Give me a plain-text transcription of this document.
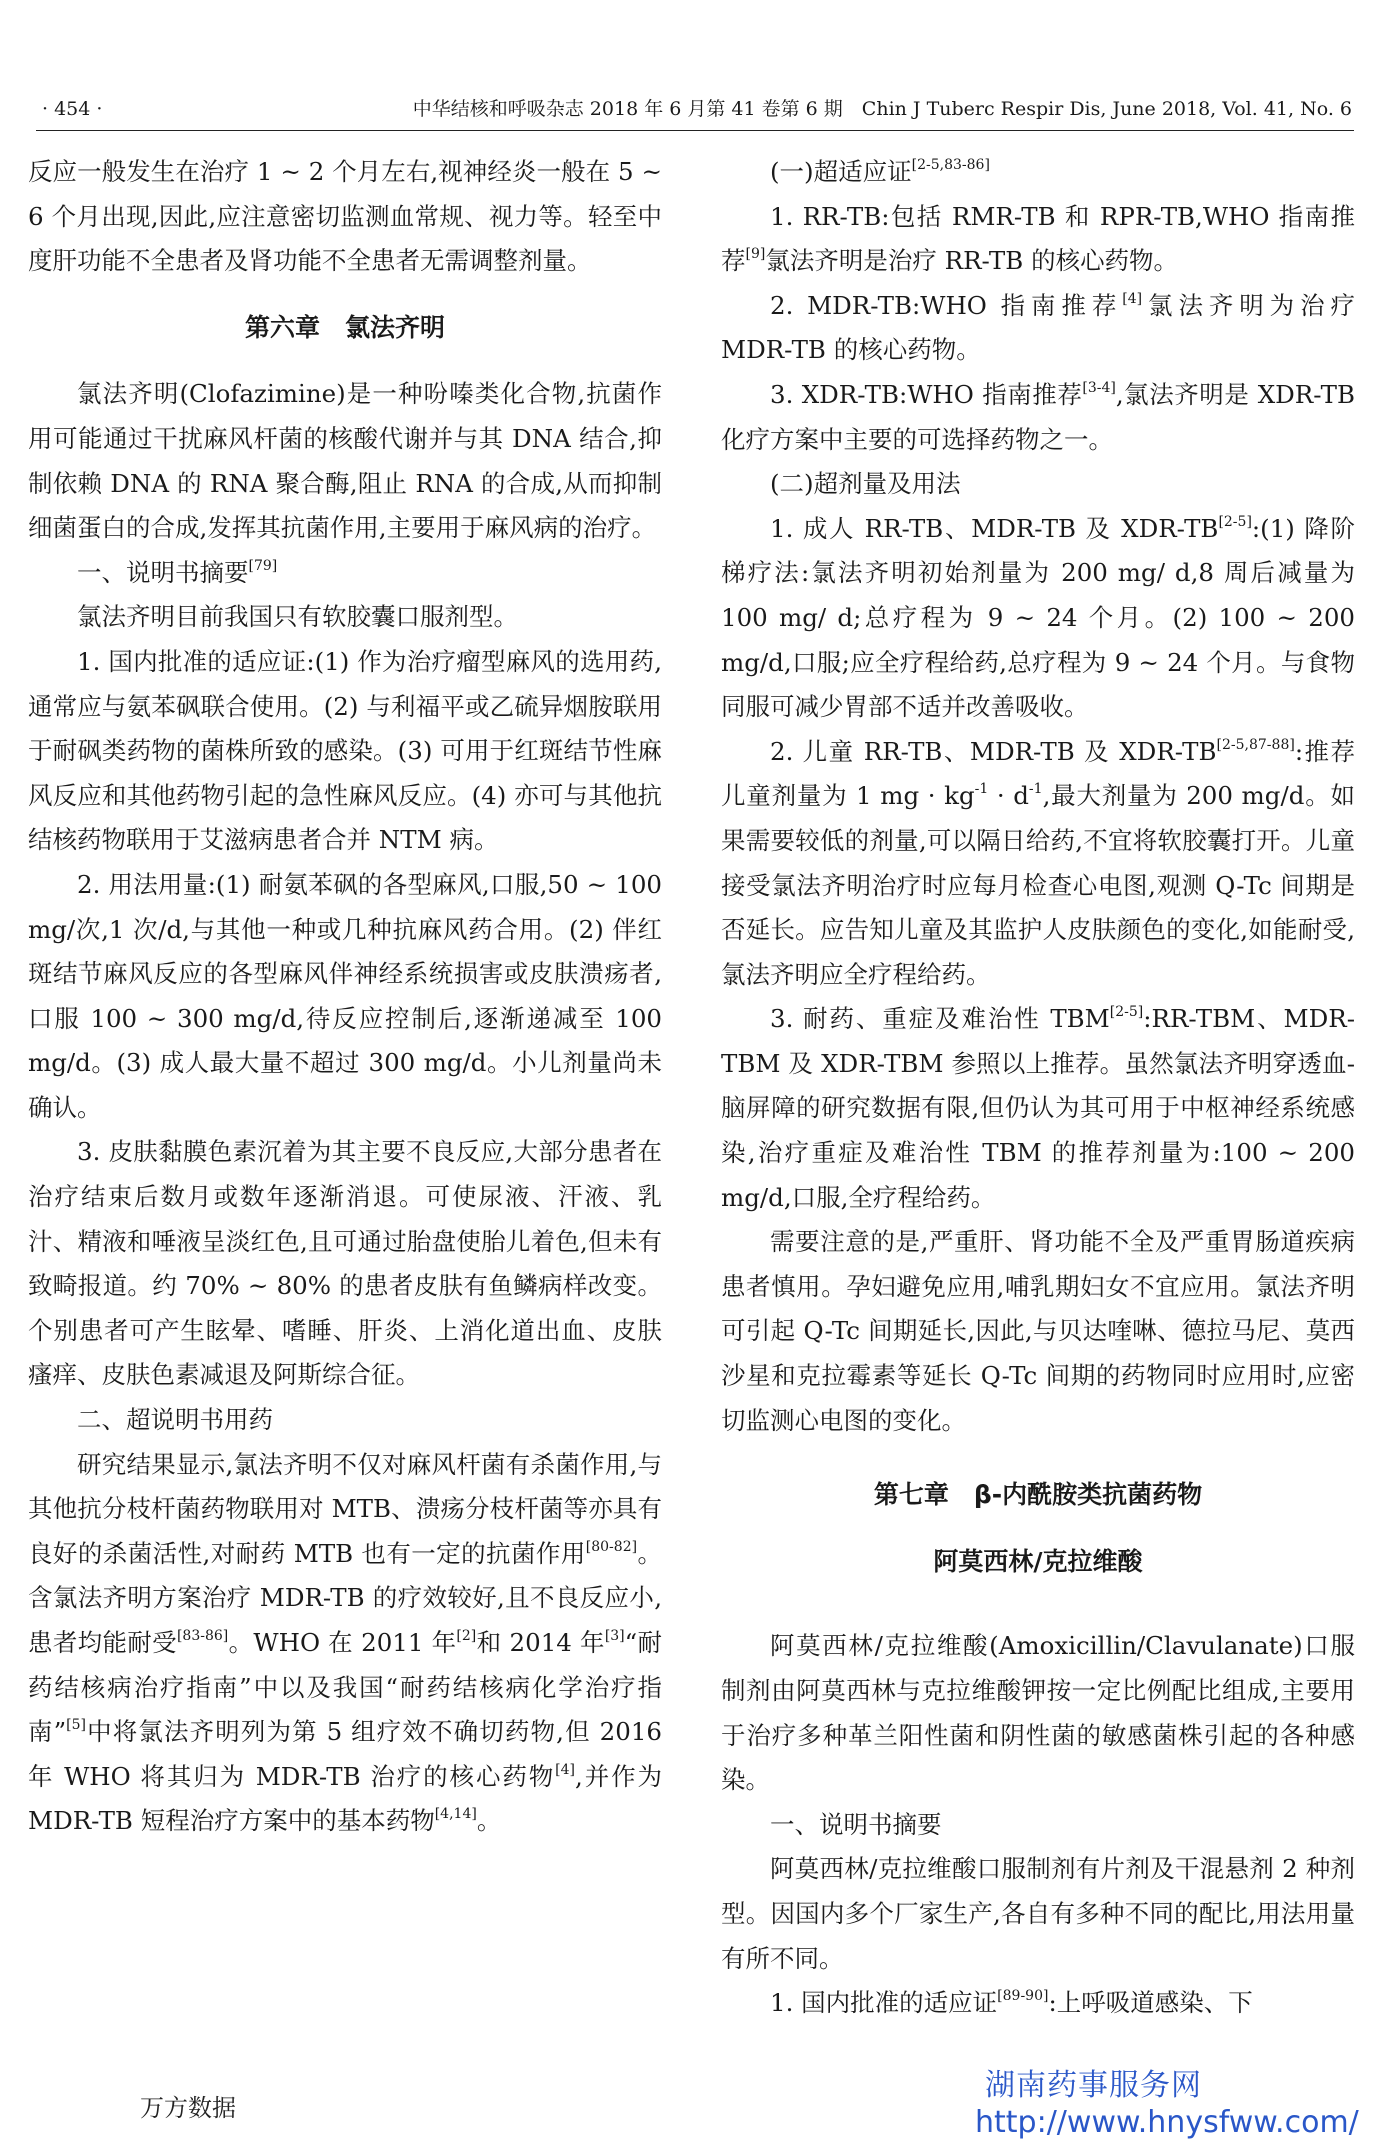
· 454 ·	中华结核和呼吸杂志 2018 年 6 月第 41 卷第 6 期　Chin J Tuberc Respir Dis, June 2018, Vol. 41, No. 6

反应一般发生在治疗 1 ~ 2 个月左右,视神经炎一般在 5 ~ 6 个月出现,因此,应注意密切监测血常规、视力等。轻至中度肝功能不全患者及肾功能不全患者无需调整剂量。

第六章　氯法齐明

氯法齐明(Clofazimine)是一种吩嗪类化合物,抗菌作用可能通过干扰麻风杆菌的核酸代谢并与其 DNA 结合,抑制依赖 DNA 的 RNA 聚合酶,阻止 RNA 的合成,从而抑制细菌蛋白的合成,发挥其抗菌作用,主要用于麻风病的治疗。

一、说明书摘要[79]

氯法齐明目前我国只有软胶囊口服剂型。

1. 国内批准的适应证:(1) 作为治疗瘤型麻风的选用药,通常应与氨苯砜联合使用。(2) 与利福平或乙硫异烟胺联用于耐砜类药物的菌株所致的感染。(3) 可用于红斑结节性麻风反应和其他药物引起的急性麻风反应。(4) 亦可与其他抗结核药物联用于艾滋病患者合并 NTM 病。

2. 用法用量:(1) 耐氨苯砜的各型麻风,口服,50 ~ 100 mg/次,1 次/d,与其他一种或几种抗麻风药合用。(2) 伴红斑结节麻风反应的各型麻风伴神经系统损害或皮肤溃疡者,口服 100 ~ 300 mg/d,待反应控制后,逐渐递减至 100 mg/d。(3) 成人最大量不超过 300 mg/d。小儿剂量尚未确认。

3. 皮肤黏膜色素沉着为其主要不良反应,大部分患者在治疗结束后数月或数年逐渐消退。可使尿液、汗液、乳汁、精液和唾液呈淡红色,且可通过胎盘使胎儿着色,但未有致畸报道。约 70% ~ 80% 的患者皮肤有鱼鳞病样改变。个别患者可产生眩晕、嗜睡、肝炎、上消化道出血、皮肤瘙痒、皮肤色素减退及阿斯综合征。

二、超说明书用药

研究结果显示,氯法齐明不仅对麻风杆菌有杀菌作用,与其他抗分枝杆菌药物联用对 MTB、溃疡分枝杆菌等亦具有良好的杀菌活性,对耐药 MTB 也有一定的抗菌作用[80-82]。含氯法齐明方案治疗 MDR-TB 的疗效较好,且不良反应小,患者均能耐受[83-86]。WHO 在 2011 年[2]和 2014 年[3]“耐药结核病治疗指南”中以及我国“耐药结核病化学治疗指南”[5]中将氯法齐明列为第 5 组疗效不确切药物,但 2016 年 WHO 将其归为 MDR-TB 治疗的核心药物[4],并作为 MDR-TB 短程治疗方案中的基本药物[4,14]。

(一)超适应证[2-5,83-86]

1. RR-TB:包括 RMR-TB 和 RPR-TB,WHO 指南推荐[9]氯法齐明是治疗 RR-TB 的核心药物。

2. MDR-TB:WHO 指南推荐[4]氯法齐明为治疗 MDR-TB 的核心药物。

3. XDR-TB:WHO 指南推荐[3-4],氯法齐明是 XDR-TB 化疗方案中主要的可选择药物之一。

(二)超剂量及用法

1. 成人 RR-TB、MDR-TB 及 XDR-TB[2-5]:(1) 降阶梯疗法:氯法齐明初始剂量为 200 mg/ d,8 周后减量为 100 mg/ d;总疗程为 9 ~ 24 个月。(2) 100 ~ 200 mg/d,口服;应全疗程给药,总疗程为 9 ~ 24 个月。与食物同服可减少胃部不适并改善吸收。

2. 儿童 RR-TB、MDR-TB 及 XDR-TB[2-5,87-88]:推荐儿童剂量为 1 mg · $kg^{-1} \cdot d^{-1}$,最大剂量为 200 mg/d。如果需要较低的剂量,可以隔日给药,不宜将软胶囊打开。儿童接受氯法齐明治疗时应每月检查心电图,观测 Q-Tc 间期是否延长。应告知儿童及其监护人皮肤颜色的变化,如能耐受,氯法齐明应全疗程给药。

3. 耐药、重症及难治性 TBM[2-5]:RR-TBM、MDR-TBM 及 XDR-TBM 参照以上推荐。虽然氯法齐明穿透血-脑屏障的研究数据有限,但仍认为其可用于中枢神经系统感染,治疗重症及难治性 TBM 的推荐剂量为:100 ~ 200 mg/d,口服,全疗程给药。

需要注意的是,严重肝、肾功能不全及严重胃肠道疾病患者慎用。孕妇避免应用,哺乳期妇女不宜应用。氯法齐明可引起 Q-Tc 间期延长,因此,与贝达喹啉、德拉马尼、莫西沙星和克拉霉素等延长 Q-Tc 间期的药物同时应用时,应密切监测心电图的变化。

第七章　β-内酰胺类抗菌药物

阿莫西林/克拉维酸

阿莫西林/克拉维酸(Amoxicillin/Clavulanate)口服制剂由阿莫西林与克拉维酸钾按一定比例配比组成,主要用于治疗多种革兰阳性菌和阴性菌的敏感菌株引起的各种感染。

一、说明书摘要

阿莫西林/克拉维酸口服制剂有片剂及干混悬剂 2 种剂型。因国内多个厂家生产,各自有多种不同的配比,用法用量有所不同。

1. 国内批准的适应证[89-90]:上呼吸道感染、下

万方数据
湖南药事服务网
http://www.hnysfww.com/
